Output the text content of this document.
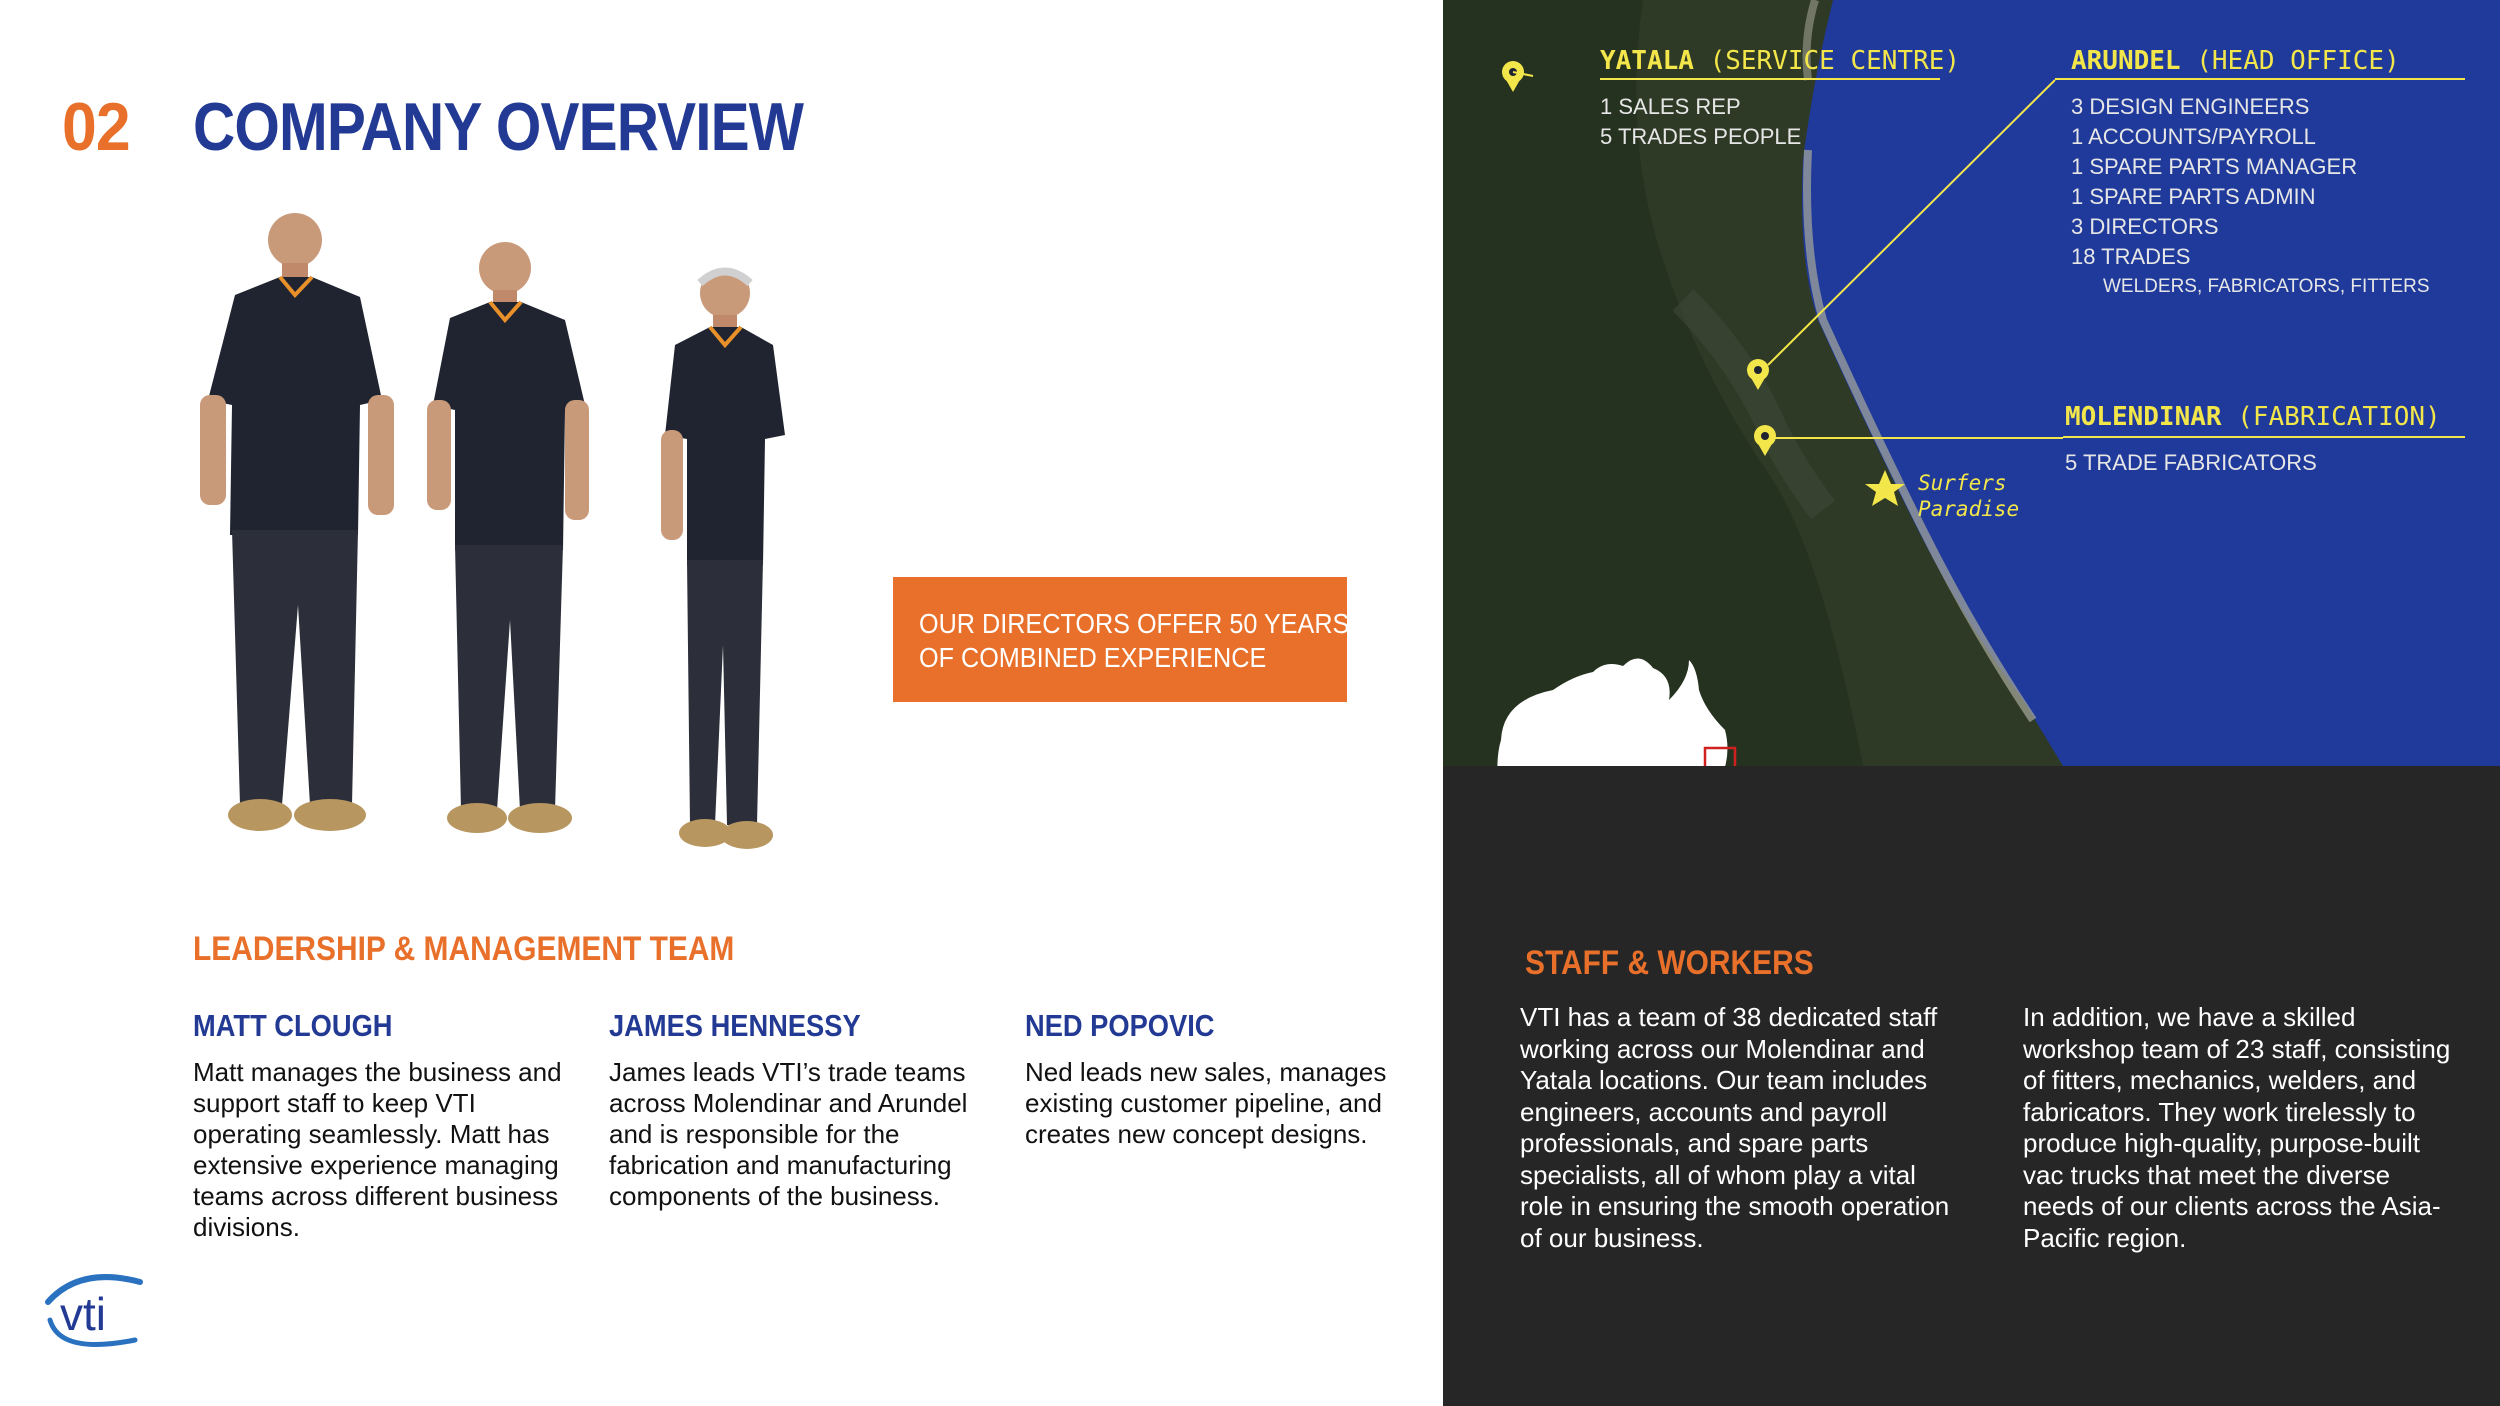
02 COMPANY OVERVIEW
OUR DIRECTORS OFFER 50 YEARS
OF COMBINED EXPERIENCE
LEADERSHIP & MANAGEMENT TEAM
MATT CLOUGH
Matt manages the business and support staff to keep VTI operating seamlessly. Matt has extensive experience managing teams across different business divisions.
JAMES HENNESSY
James leads VTI’s trade teams across Molendinar and Arundel and is responsible for the fabrication and manufacturing components of the business.
NED POPOVIC
Ned leads new sales, manages existing customer pipeline, and creates new concept designs.
vti
YATALA (SERVICE CENTRE)
1 SALES REP
5 TRADES PEOPLE
ARUNDEL (HEAD OFFICE)
3 DESIGN ENGINEERS
1 ACCOUNTS/PAYROLL
1 SPARE PARTS MANAGER
1 SPARE PARTS ADMIN
3 DIRECTORS
18 TRADES
WELDERS, FABRICATORS, FITTERS
MOLENDINAR (FABRICATION)
5 TRADE FABRICATORS
Surfers
Paradise
STAFF & WORKERS
VTI has a team of 38 dedicated staff working across our Molendinar and Yatala locations. Our team includes engineers, accounts and payroll professionals, and spare parts specialists, all of whom play a vital role in ensuring the smooth operation of our business.
In addition, we have a skilled workshop team of 23 staff, consisting of fitters, mechanics, welders, and fabricators. They work tirelessly to produce high-quality, purpose-built vac trucks that meet the diverse needs of our clients across the Asia-Pacific region.
